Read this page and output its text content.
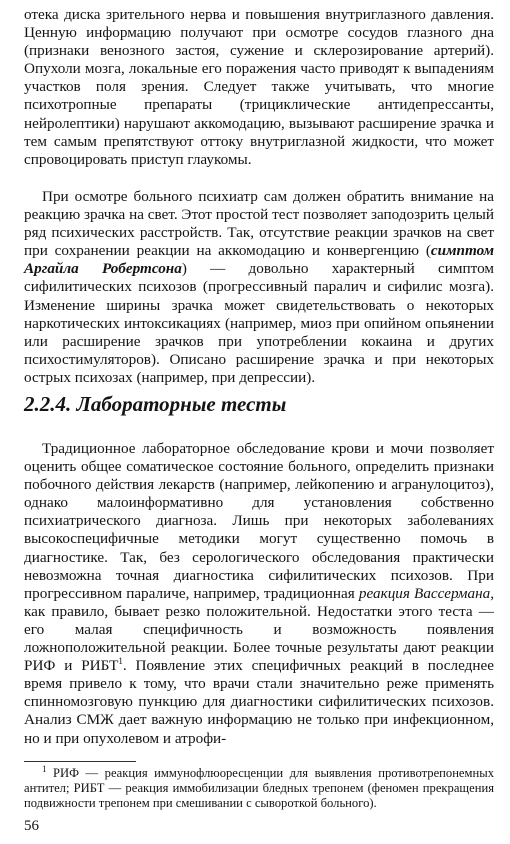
отека диска зрительного нерва и повышения внутриглазного давления. Ценную информацию получают при осмотре сосудов глазного дна (признаки венозного застоя, сужение и склерозирование артерий). Опухоли мозга, локальные его поражения часто приводят к выпадениям участков поля зрения. Следует также учитывать, что многие психотропные препараты (трициклические антидепрессанты, нейролептики) нарушают аккомодацию, вызывают расширение зрачка и тем самым препятствуют оттоку внутриглазной жидкости, что может спровоцировать приступ глаукомы.

При осмотре больного психиатр сам должен обратить внимание на реакцию зрачка на свет. Этот простой тест позволяет заподозрить целый ряд психических расстройств. Так, отсутствие реакции зрачков на свет при сохранении реакции на аккомодацию и конвергенцию (симптом Аргайла Робертсона) — довольно характерный симптом сифилитических психозов (прогрессивный паралич и сифилис мозга). Изменение ширины зрачка может свидетельствовать о некоторых наркотических интоксикациях (например, миоз при опийном опьянении или расширение зрачков при употреблении кокаина и других психостимуляторов). Описано расширение зрачка и при некоторых острых психозах (например, при депрессии).

2.2.4. Лабораторные тесты

Традиционное лабораторное обследование крови и мочи позволяет оценить общее соматическое состояние больного, определить признаки побочного действия лекарств (например, лейкопению и агранулоцитоз), однако малоинформативно для установления собственно психиатрического диагноза. Лишь при некоторых заболеваниях высокоспецифичные методики могут существенно помочь в диагностике. Так, без серологического обследования практически невозможна точная диагностика сифилитических психозов. При прогрессивном параличе, например, традиционная реакция Вассермана, как правило, бывает резко положительной. Недостатки этого теста — его малая специфичность и возможность появления ложноположительной реакции. Более точные результаты дают реакции РИФ и РИБТ$^1$. Появление этих специфичных реакций в последнее время привело к тому, что врачи стали значительно реже применять спинномозговую пункцию для диагностики сифилитических психозов. Анализ СМЖ дает важную информацию не только при инфекционном, но и при опухолевом и атрофи-

$^1$ РИФ — реакция иммунофлюоресценции для выявления противотрепонемных антител; РИБТ — реакция иммобилизации бледных трепонем (феномен прекращения подвижности трепонем при смешивании с сывороткой больного).

56
